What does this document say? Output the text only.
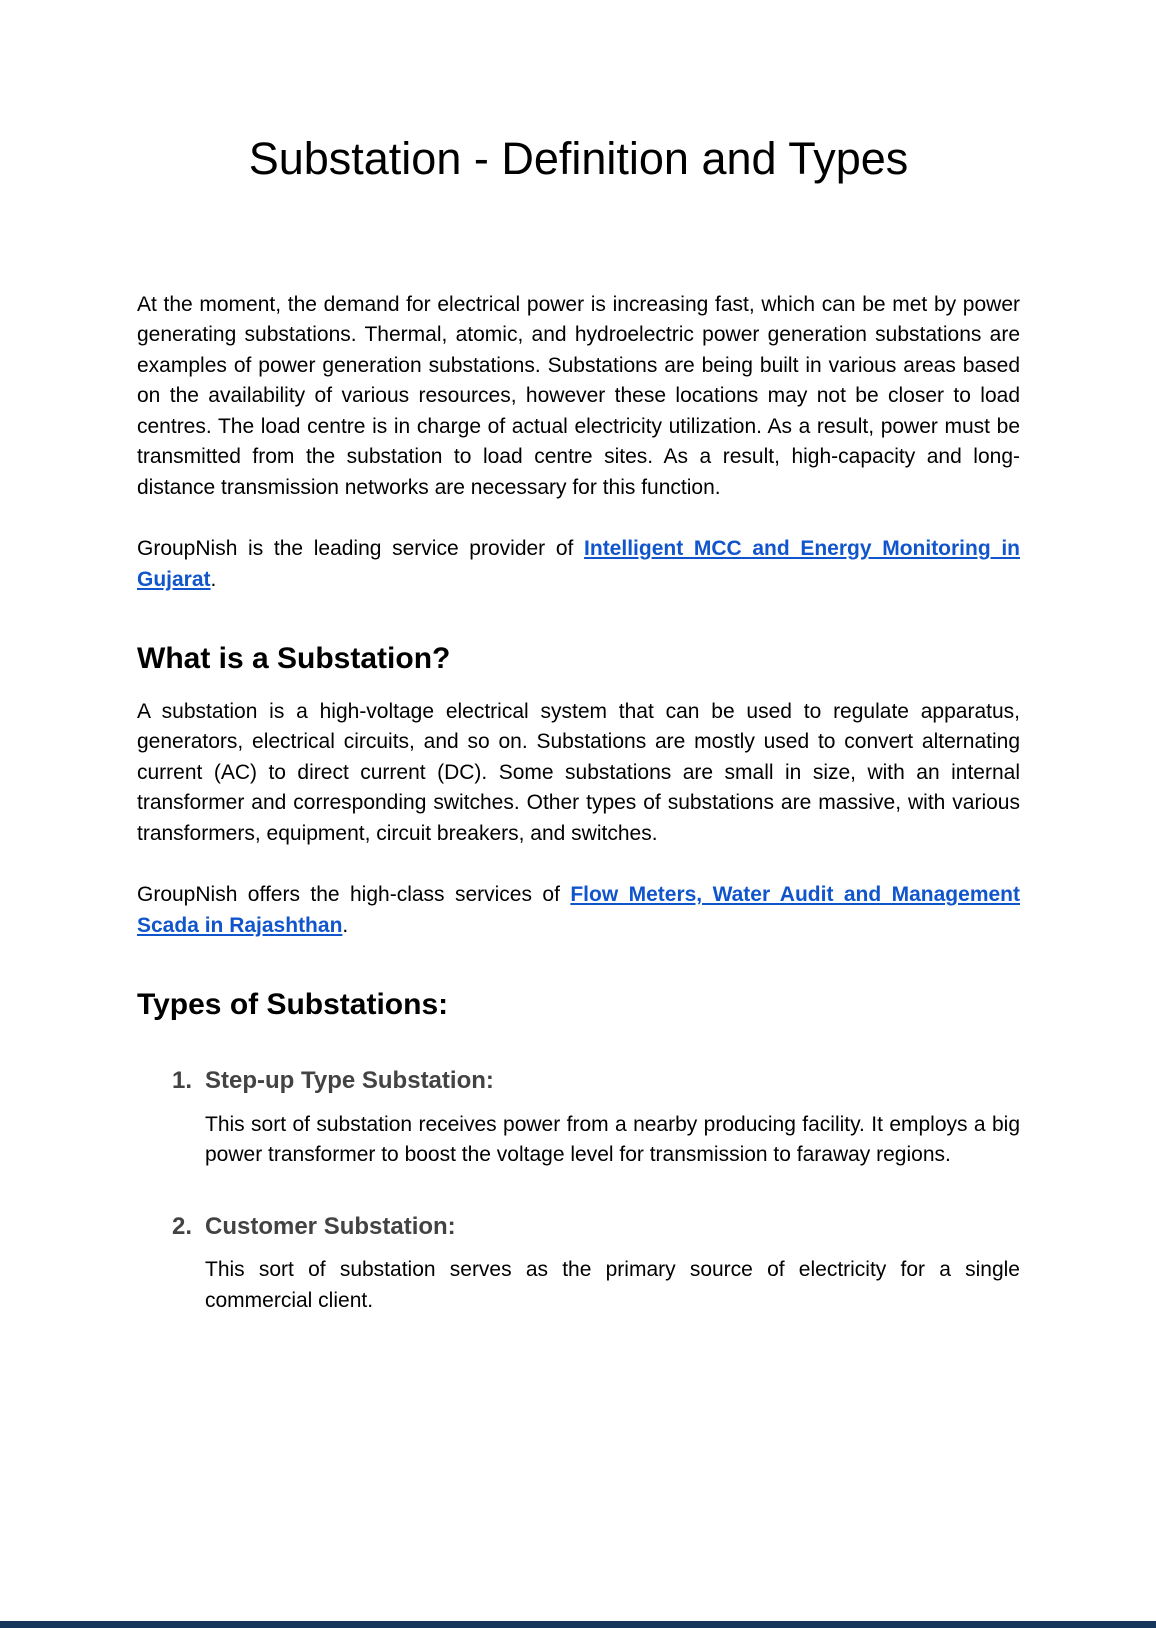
Substation - Definition and Types

At the moment, the demand for electrical power is increasing fast, which can be met by power generating substations. Thermal, atomic, and hydroelectric power generation substations are examples of power generation substations. Substations are being built in various areas based on the availability of various resources, however these locations may not be closer to load centres. The load centre is in charge of actual electricity utilization. As a result, power must be transmitted from the substation to load centre sites. As a result, high-capacity and long-distance transmission networks are necessary for this function.

GroupNish is the leading service provider of Intelligent MCC and Energy Monitoring in Gujarat.

What is a Substation?

A substation is a high-voltage electrical system that can be used to regulate apparatus, generators, electrical circuits, and so on. Substations are mostly used to convert alternating current (AC) to direct current (DC). Some substations are small in size, with an internal transformer and corresponding switches. Other types of substations are massive, with various transformers, equipment, circuit breakers, and switches.

GroupNish offers the high-class services of Flow Meters, Water Audit and Management Scada in Rajashthan.

Types of Substations:
1. Step-up Type Substation:

This sort of substation receives power from a nearby producing facility. It employs a big power transformer to boost the voltage level for transmission to faraway regions.

2. Customer Substation:

This sort of substation serves as the primary source of electricity for a single commercial client.
